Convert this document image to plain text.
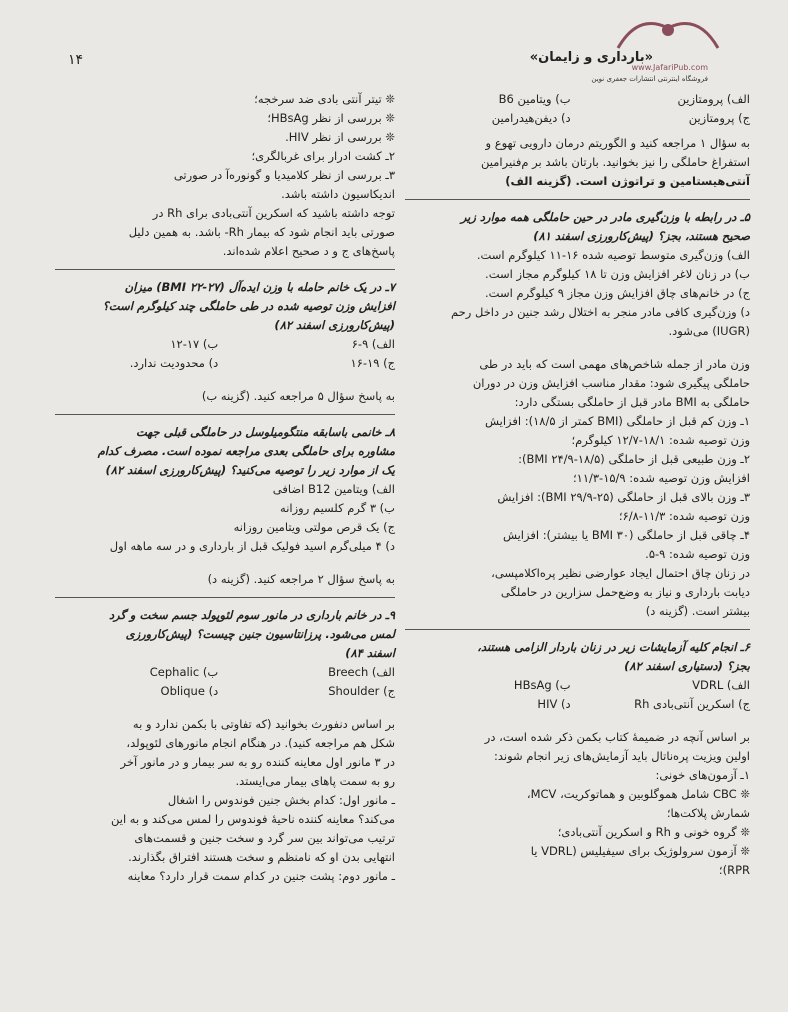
۱۴	«بارداری و زایمان»
www.JafariPub.com
فروشگاه اینترنتی انتشارات جعفری نوین
الف) پرومتازین
ب) ویتامین B6
ج) پرومتازین
د) دیفن‌هیدرامین

به سؤال ۱ مراجعه کنید و الگوریتم درمان دارویی تهوع و

استفراغ حاملگی را نیز بخوانید. بارتان باشد بر م‌فنیرامین

آنتی‌هیستامین و تراتوژن است. (گزینه الف)

۵ـ در رابطه با وزن‌گیری مادر در حین حاملگی همه موارد زیر

صحیح هستند، بجز؟ (پیش‌کارورزی اسفند ۸۱)

الف) وزن‌گیری متوسط توصیه شده ۱۶-۱۱ کیلوگرم است.

ب) در زنان لاغر افزایش وزن تا ۱۸ کیلوگرم مجاز است.

ج) در خانم‌های چاق افزایش وزن مجاز ۹ کیلوگرم است.

د) وزن‌گیری کافی مادر منجر به اختلال رشد جنین در داخل رحم

(IUGR) می‌شود.

وزن مادر از جمله شاخص‌های مهمی است که باید در طی

حاملگی پیگیری شود: مقدار مناسب افزایش وزن در دوران

حاملگی به BMI مادر قبل از حاملگی بستگی دارد:

۱ـ وزن کم قبل از حاملگی (BMI کمتر از ۱۸/۵): افزایش

وزن توصیه شده: ۱۸/۱-۱۲/۷ کیلوگرم؛

۲ـ وزن طبیعی قبل از حاملگی (BMI ۲۴/۹-۱۸/۵):

افزایش وزن توصیه شده: ۱۵/۹-۱۱/۳؛

۳ـ وزن بالای قبل از حاملگی (BMI ۲۹/۹-۲۵): افزایش

وزن توصیه شده: ۱۱/۳-۶/۸؛

۴ـ چاقی قبل از حاملگی (BMI ۳۰ یا بیشتر): افزایش

وزن توصیه شده: ۹-۵.

در زنان چاق احتمال ایجاد عوارضی نظیر پره‌اکلامپسی،

دیابت بارداری و نیاز به وضع‌حمل سزارین در حاملگی

بیشتر است. (گزینه د)

۶ـ انجام کلیه آزمایشات زیر در زنان باردار الزامی هستند،

بجز؟ (دستیاری اسفند ۸۲)

الف) VDRL
ب) HBsAg
ج) اسکرین آنتی‌بادی Rh
د) HIV

بر اساس آنچه در ضمیمهٔ کتاب بکمن ذکر شده است، در

اولین ویزیت پره‌ناتال باید آزمایش‌های زیر انجام شوند:

۱ـ آزمون‌های خونی:

❊ CBC شامل هموگلوبین و هماتوکریت، MCV،

شمارش پلاکت‌ها؛

❊ گروه خونی و Rh و اسکرین آنتی‌بادی؛

❊ آزمون سرولوژیک برای سیفیلیس (VDRL یا

RPR)؛

❊ تیتر آنتی بادی ضد سرخجه؛

❊ بررسی از نظر HBsAg؛

❊ بررسی از نظر HIV.

۲ـ کشت ادرار برای غربالگری؛

۳ـ بررسی از نظر کلامیدیا و گونوره‌آ در صورتی

اندیکاسیون داشته باشد.

توجه داشته باشید که اسکرین آنتی‌بادی برای Rh در

صورتی باید انجام شود که بیمار Rh- باشد. به همین دلیل

پاسخ‌های ج و د صحیح اعلام شده‌اند.

۷ـ در یک خانم حامله با وزن ایده‌آل (BMI ۲۲-۲۷) میزان

افزایش وزن توصیه شده در طی حاملگی چند کیلوگرم است؟

(پیش‌کارورزی اسفند ۸۲)

الف) ۹-۶
ب) ۱۷-۱۲
ج) ۱۹-۱۶
د) محدودیت ندارد.

به پاسخ سؤال ۵ مراجعه کنید. (گزینه ب)

۸ـ خانمی باسابقه منتگومیلوسل در حاملگی قبلی جهت

مشاوره برای حاملگی بعدی مراجعه نموده است. مصرف کدام

یک از موارد زیر را توصیه می‌کنید؟ (پیش‌کارورزی اسفند ۸۲)

الف) ویتامین B12 اضافی

ب) ۳ گرم کلسیم روزانه

ج) یک قرص مولتی ویتامین روزانه

د) ۴ میلی‌گرم اسید فولیک قبل از بارداری و در سه ماهه اول

به پاسخ سؤال ۲ مراجعه کنید. (گزینه د)

۹ـ در خانم بارداری در مانور سوم لئوپولد جسم سخت و گرد

لمس می‌شود. پرزانتاسیون جنین چیست؟ (پیش‌کارورزی

اسفند ۸۴)

الف) Breech
ب) Cephalic
ج) Shoulder
د) Oblique

بر اساس دنفورث بخوانید (که تفاوتی با بکمن ندارد و به

شکل هم مراجعه کنید). در هنگام انجام مانورهای لئوپولد،

در ۳ مانور اول معاینه کننده رو به سر بیمار و در مانور آخر

رو به سمت پاهای بیمار می‌ایستد.

ـ مانور اول: کدام بخش جنین فوندوس را اشغال

می‌کند؟ معاینه کننده ناحیهٔ فوندوس را لمس می‌کند و به این

ترتیب می‌تواند بین سر گرد و سخت جنین و قسمت‌های

انتهایی بدن او که نامنظم و سخت هستند افتراق بگذارند.

ـ مانور دوم: پشت جنین در کدام سمت قرار دارد؟ معاینه
